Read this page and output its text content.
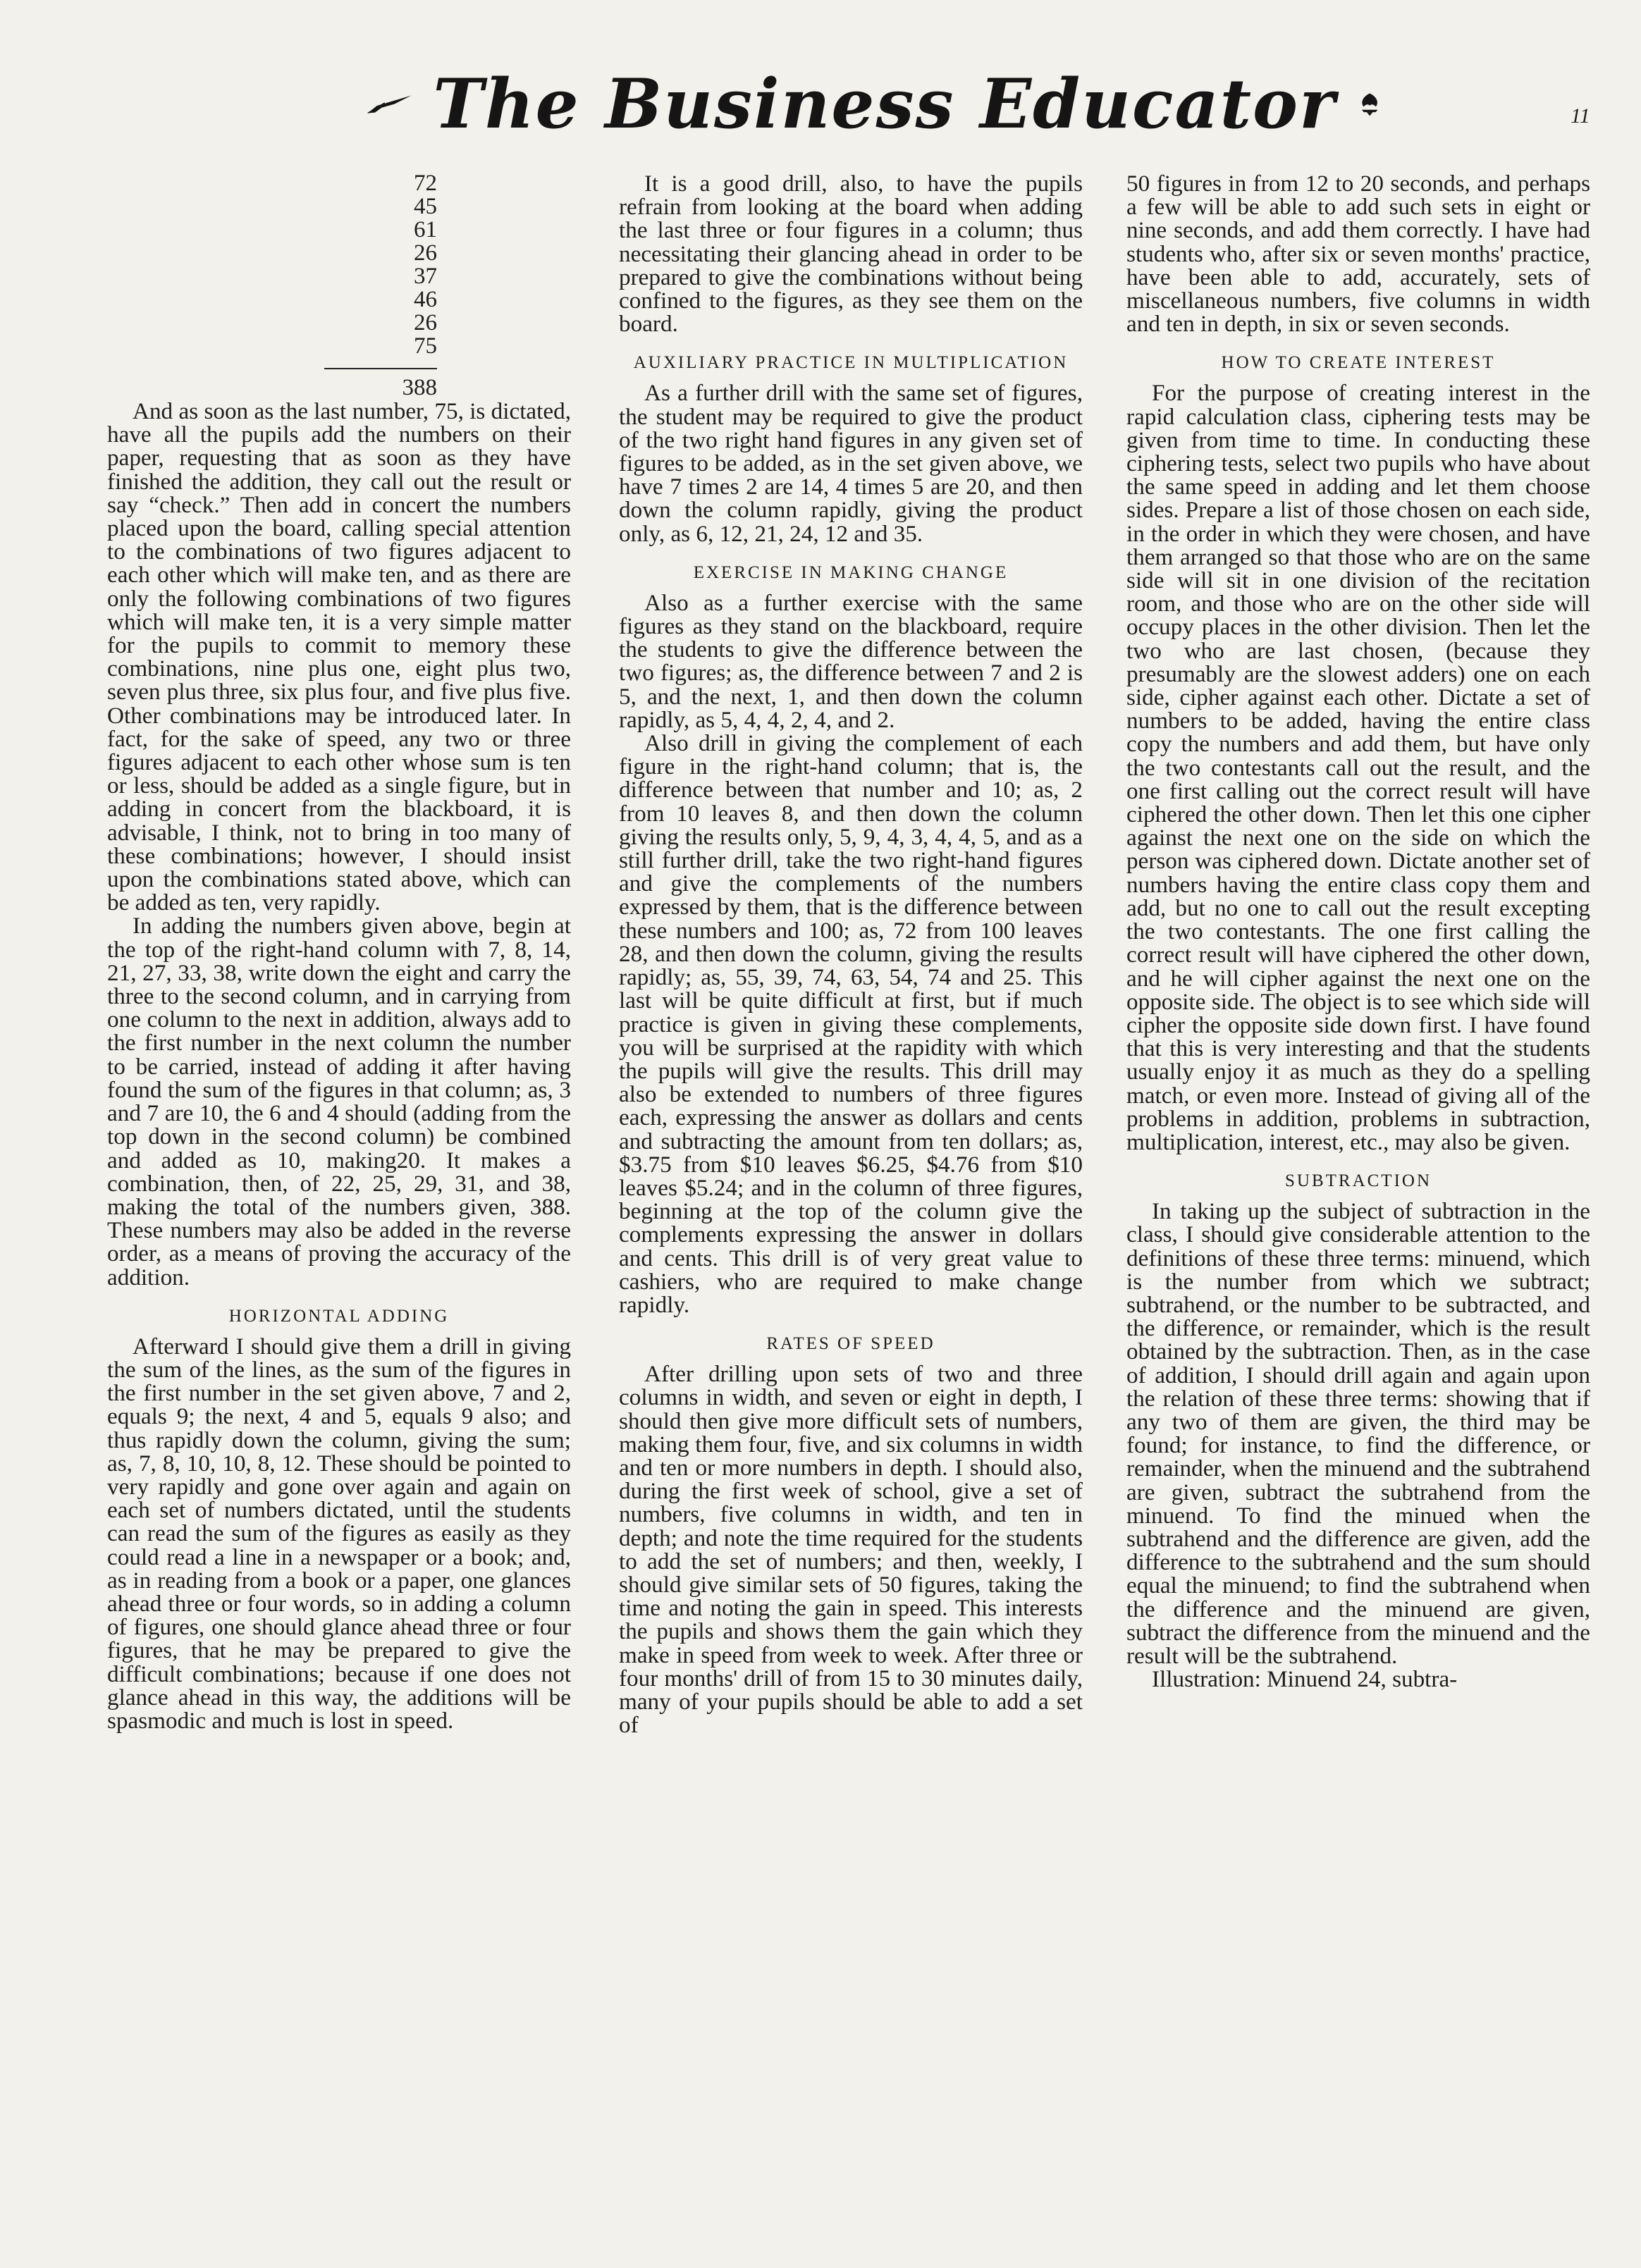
The Business Educator	11
72
45
61
26
37
46
26
75
388

And as soon as the last number, 75, is dictated, have all the pupils add the numbers on their paper, requesting that as soon as they have finished the addition, they call out the result or say “check.” Then add in concert the numbers placed upon the board, calling special attention to the combinations of two figures adjacent to each other which will make ten, and as there are only the following combinations of two figures which will make ten, it is a very simple matter for the pupils to commit to memory these combinations, nine plus one, eight plus two, seven plus three, six plus four, and five plus five. Other combinations may be introduced later. In fact, for the sake of speed, any two or three figures adjacent to each other whose sum is ten or less, should be added as a single figure, but in adding in concert from the blackboard, it is advisable, I think, not to bring in too many of these combinations; however, I should insist upon the combinations stated above, which can be added as ten, very rapidly.

In adding the numbers given above, begin at the top of the right-hand column with 7, 8, 14, 21, 27, 33, 38, write down the eight and carry the three to the second column, and in carrying from one column to the next in addition, always add to the first number in the next column the number to be carried, instead of adding it after having found the sum of the figures in that column; as, 3 and 7 are 10, the 6 and 4 should (adding from the top down in the second column) be combined and added as 10, making20. It makes a combination, then, of 22, 25, 29, 31, and 38, making the total of the numbers given, 388. These numbers may also be added in the reverse order, as a means of proving the accuracy of the addition.

HORIZONTAL ADDING

Afterward I should give them a drill in giving the sum of the lines, as the sum of the figures in the first number in the set given above, 7 and 2, equals 9; the next, 4 and 5, equals 9 also; and thus rapidly down the column, giving the sum; as, 7, 8, 10, 10, 8, 12. These should be pointed to very rapidly and gone over again and again on each set of numbers dictated, until the students can read the sum of the figures as easily as they could read a line in a newspaper or a book; and, as in reading from a book or a paper, one glances ahead three or four words, so in adding a column of figures, one should glance ahead three or four figures, that he may be prepared to give the difficult combinations; because if one does not glance ahead in this way, the additions will be spasmodic and much is lost in speed.

It is a good drill, also, to have the pupils refrain from looking at the board when adding the last three or four figures in a column; thus necessitating their glancing ahead in order to be prepared to give the combinations without being confined to the figures, as they see them on the board.

AUXILIARY PRACTICE IN MULTIPLICATION

As a further drill with the same set of figures, the student may be required to give the product of the two right hand figures in any given set of figures to be added, as in the set given above, we have 7 times 2 are 14, 4 times 5 are 20, and then down the column rapidly, giving the product only, as 6, 12, 21, 24, 12 and 35.

EXERCISE IN MAKING CHANGE

Also as a further exercise with the same figures as they stand on the blackboard, require the students to give the difference between the two figures; as, the difference between 7 and 2 is 5, and the next, 1, and then down the column rapidly, as 5, 4, 4, 2, 4, and 2.

Also drill in giving the complement of each figure in the right-hand column; that is, the difference between that number and 10; as, 2 from 10 leaves 8, and then down the column giving the results only, 5, 9, 4, 3, 4, 4, 5, and as a still further drill, take the two right-hand figures and give the complements of the numbers expressed by them, that is the difference between these numbers and 100; as, 72 from 100 leaves 28, and then down the column, giving the results rapidly; as, 55, 39, 74, 63, 54, 74 and 25. This last will be quite difficult at first, but if much practice is given in giving these complements, you will be surprised at the rapidity with which the pupils will give the results. This drill may also be extended to numbers of three figures each, expressing the answer as dollars and cents and subtracting the amount from ten dollars; as, $3.75 from $10 leaves $6.25, $4.76 from $10 leaves $5.24; and in the column of three figures, beginning at the top of the column give the complements expressing the answer in dollars and cents. This drill is of very great value to cashiers, who are required to make change rapidly.

RATES OF SPEED

After drilling upon sets of two and three columns in width, and seven or eight in depth, I should then give more difficult sets of numbers, making them four, five, and six columns in width and ten or more numbers in depth. I should also, during the first week of school, give a set of numbers, five columns in width, and ten in depth; and note the time required for the students to add the set of numbers; and then, weekly, I should give similar sets of 50 figures, taking the time and noting the gain in speed. This interests the pupils and shows them the gain which they make in speed from week to week. After three or four months' drill of from 15 to 30 minutes daily, many of your pupils should be able to add a set of

50 figures in from 12 to 20 seconds, and perhaps a few will be able to add such sets in eight or nine seconds, and add them correctly. I have had students who, after six or seven months' practice, have been able to add, accurately, sets of miscellaneous numbers, five columns in width and ten in depth, in six or seven seconds.

HOW TO CREATE INTEREST

For the purpose of creating interest in the rapid calculation class, ciphering tests may be given from time to time. In conducting these ciphering tests, select two pupils who have about the same speed in adding and let them choose sides. Prepare a list of those chosen on each side, in the order in which they were chosen, and have them arranged so that those who are on the same side will sit in one division of the recitation room, and those who are on the other side will occupy places in the other division. Then let the two who are last chosen, (because they presumably are the slowest adders) one on each side, cipher against each other. Dictate a set of numbers to be added, having the entire class copy the numbers and add them, but have only the two contestants call out the result, and the one first calling out the correct result will have ciphered the other down. Then let this one cipher against the next one on the side on which the person was ciphered down. Dictate another set of numbers having the entire class copy them and add, but no one to call out the result excepting the two contestants. The one first calling the correct result will have ciphered the other down, and he will cipher against the next one on the opposite side. The object is to see which side will cipher the opposite side down first. I have found that this is very interesting and that the students usually enjoy it as much as they do a spelling match, or even more. Instead of giving all of the problems in addition, problems in subtraction, multiplication, interest, etc., may also be given.

SUBTRACTION

In taking up the subject of subtraction in the class, I should give considerable attention to the definitions of these three terms: minuend, which is the number from which we subtract; subtrahend, or the number to be subtracted, and the difference, or remainder, which is the result obtained by the subtraction. Then, as in the case of addition, I should drill again and again upon the relation of these three terms: showing that if any two of them are given, the third may be found; for instance, to find the difference, or remainder, when the minuend and the subtrahend are given, subtract the subtrahend from the minuend. To find the minued when the subtrahend and the difference are given, add the difference to the subtrahend and the sum should equal the minuend; to find the subtrahend when the difference and the minuend are given, subtract the difference from the minuend and the result will be the subtrahend.

Illustration: Minuend 24, subtra-
